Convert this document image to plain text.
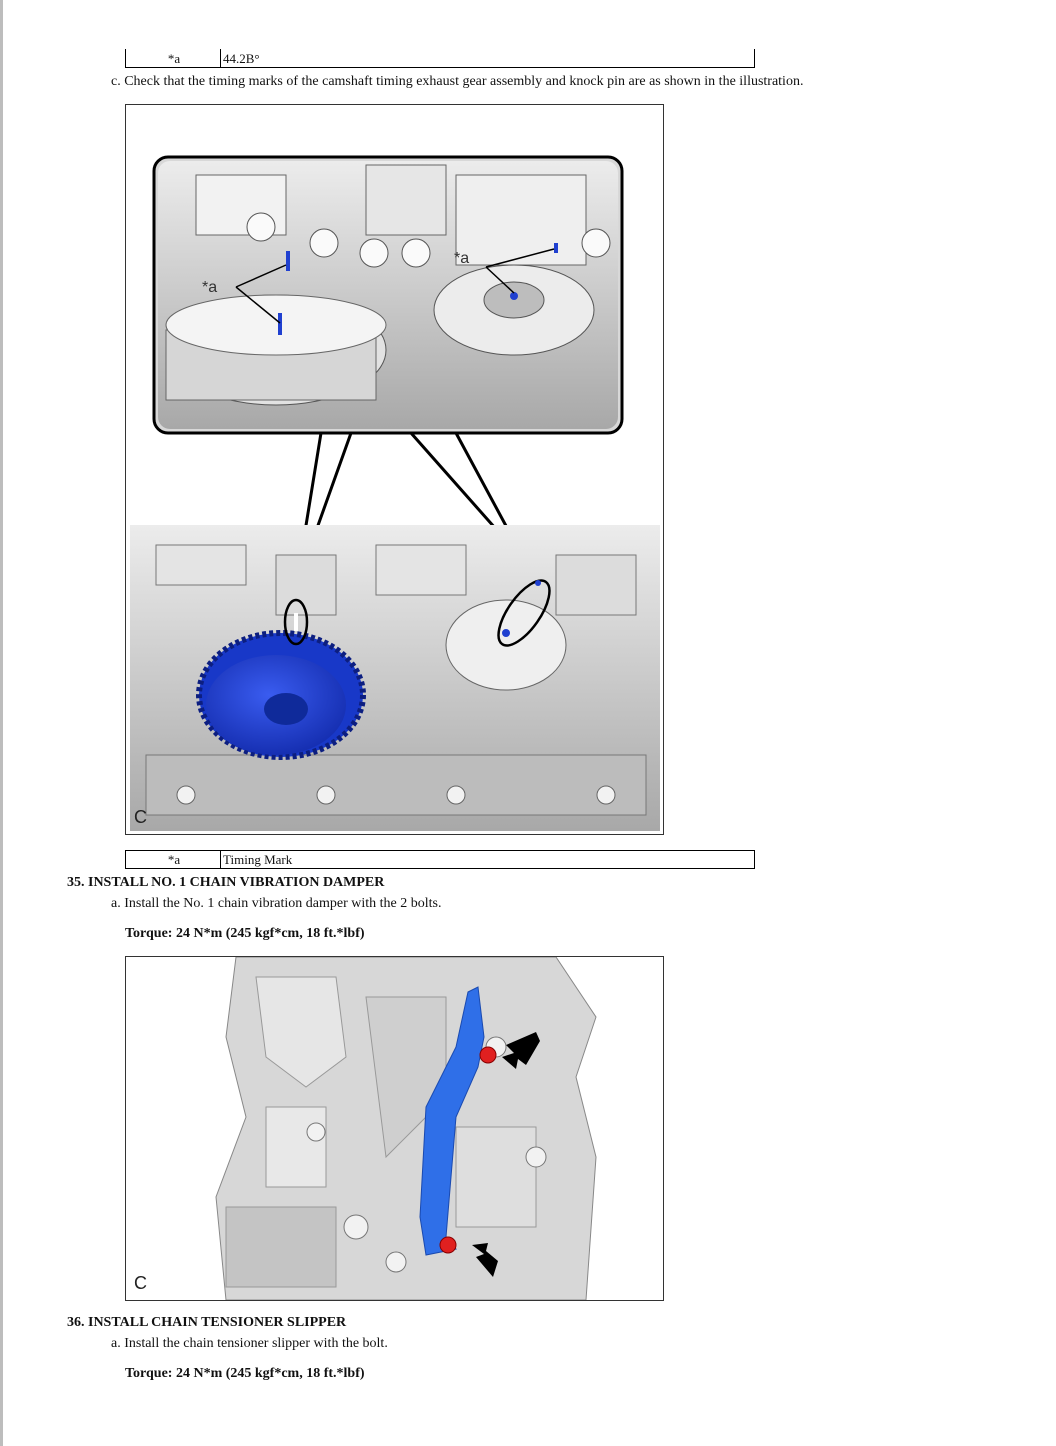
*a	44.2B°
c. Check that the timing marks of the camshaft timing exhaust gear assembly and knock pin are as shown in the illustration.
*a
*a
C
*a	Timing Mark
35. INSTALL NO. 1 CHAIN VIBRATION DAMPER
a. Install the No. 1 chain vibration damper with the 2 bolts.
Torque: 24 N*m (245 kgf*cm, 18 ft.*lbf)
C
36. INSTALL CHAIN TENSIONER SLIPPER
a. Install the chain tensioner slipper with the bolt.
Torque: 24 N*m (245 kgf*cm, 18 ft.*lbf)
